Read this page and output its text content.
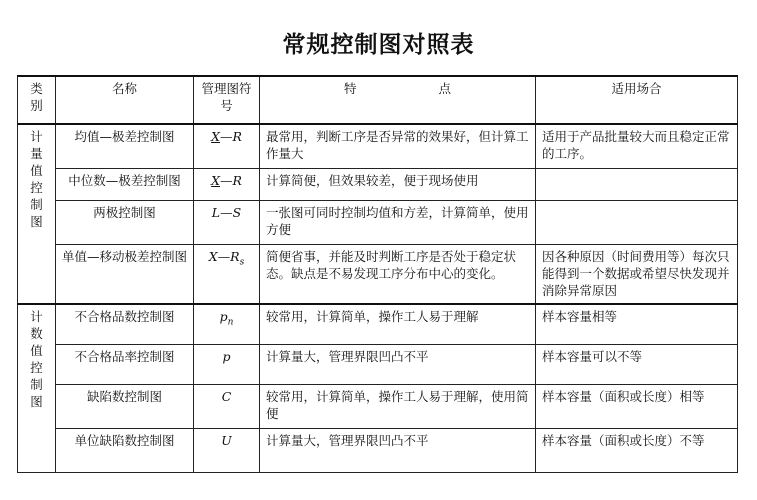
常规控制图对照表
类别	名称	管理图符号	特 点	适用场合
计量值控制图	均值—极差控制图	X—R	最常用，判断工序是否异常的效果好，但计算工作量大	适用于产品批量较大而且稳定正常的工序。
	中位数—极差控制图	X—R	计算简便，但效果较差，便于现场使用	
	两极控制图	L—S	一张图可同时控制均值和方差，计算简单，使用方便	
	单值—移动极差控制图	$X—R_s$	简便省事，并能及时判断工序是否处于稳定状态。缺点是不易发现工序分布中心的变化。	因各种原因（时间费用等）每次只能得到一个数据或希望尽快发现并消除异常原因
计数值控制图	不合格品数控制图	$p_n$	较常用，计算简单，操作工人易于理解	样本容量相等
	不合格品率控制图	p	计算量大，管理界限凹凸不平	样本容量可以不等
	缺陷数控制图	C	较常用，计算简单，操作工人易于理解，使用简便	样本容量（面积或长度）相等
	单位缺陷数控制图	U	计算量大，管理界限凹凸不平	样本容量（面积或长度）不等
